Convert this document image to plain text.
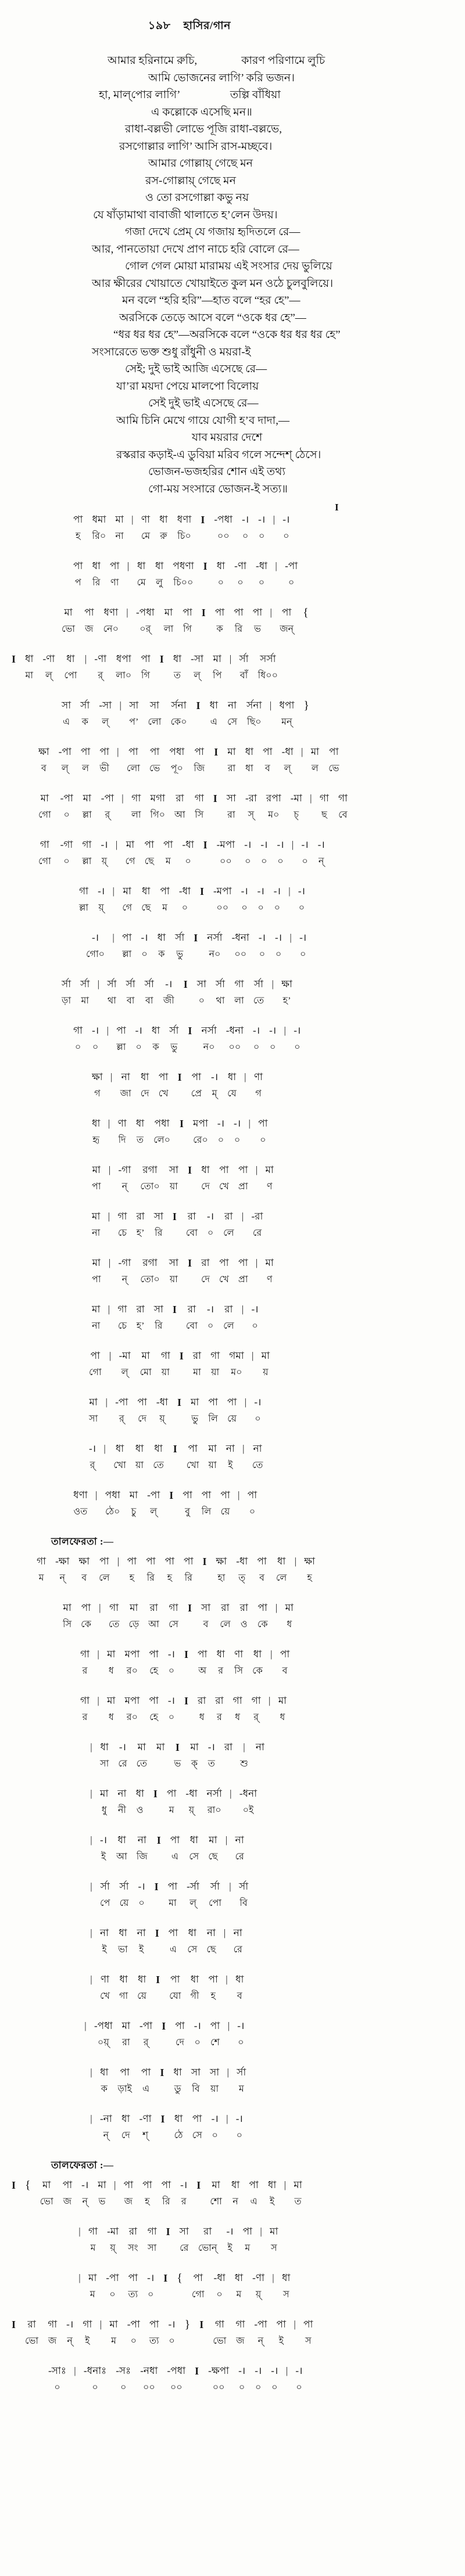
১৯৮ হাসির/গান
I
আমার হরিনামে রুচি,    কারণ পরিণামে লুচি
আমি ভোজনের লাগি’ করি ভজন।
হা, মাল্‌পোর লাগি’     তল্পি বাঁধিয়া
এ কল্লোকে এসেছি মন॥
রাধা-বল্লভী লোভে পূজি রাধা-বল্লভে,
রসগোল্লার লাগি’ আসি রাস-মচ্ছবে।
আমার গোল্লায়্ গেছে মন
রস-গোল্লায়্ গেছে মন
ও তো রসগোল্লা কভু নয়
যে ষাঁড়ামাথা বাবাজী থালাতে হ’লেন উদয়।
গজা দেখে প্রেম্ যে গজায় হৃদিতলে রে—
আর, পানতোয়া দেখে প্রাণ নাচে হরি বোলে রে—
গোল গেল মোয়া মারাময় এই সংসার দেয় ভুলিয়ে
আর ক্ষীরের খোয়াতে খোয়াইতে কুল মন ওঠে চুলবুলিয়ে।
মন বলে “হরি হরি”—হাত বলে “হর হে”—
অরসিকে তেড়ে আসে বলে “ওকে ধর হে”—
“ধর ধর ধর হে”—অরসিকে বলে “ওকে ধর ধর ধর হে”
সংসারেতে ভক্ত শুধু রাঁধুনী ও ময়রা-ই
সেই; দুই ভাই আজি এসেছে রে—
যা’রা ময়দা পেয়ে মালপো বিলোয়
সেই দুই ভাই এসেছে রে—
আমি চিনি মেখে গায়ে যোগী হ’ব দাদা,—
যাব ময়রার দেশে
রস্করার কড়াই-এ ডুবিয়া মরিব গলে সন্দেশ্ ঠেসে।
ভোজন-ভজহরির শোন এই তথ্য
গো-ময় সংসারে ভোজন-ই সত্য॥
পা
হ
ধমা
রি০
মা
না
|
ণা
মে
ধা
রু
ধণা
চি০
I
-পধা
০০
-।
০
-।
০
|
-।
০
পা
প
ধা
রি
পা
ণা
|
ধা
মে
ধা
লু
পধণা
চি০০
I
ধা
০
-ণা
০
-ধা
০
|
-পা
০
মা
ভো
পা
জ
ধণা
নে০
|
-পধা
০র্
মা
লা
পা
গি
I
পা
ক
পা
রি
পা
ভ
|
পা
জন্
{

I
ধা
মা
-ণা
ল্
ধা
পো
|
-ণা
র্
ধপা
লা০
পা
গি
I
ধা
ত
-সা
ল্
মা
পি
|
র্সা
বাঁ
সর্সা
ধি০০
সা
এ
র্সা
ক
-সা
ল্
|
সা
প’
সা
লো
র্সনা
কে০
I
ধা
এ
না
সে
র্সনা
ছি০
|
ধপা
মন্
}

ক্ষা
ব
-পা
ল্
পা
ল
পা
ভী
|
পা
লো
পা
ভে
পধা
পূ০
পা
জি
I
মা
রা
ধা
ধা
পা
ব
-ধা
ল্
|
মা
ল
পা
ভে
মা
গো
-পা
০
মা
ল্লা
-পা
র্
|
গা
লা
মগা
গি০
রা
আ
গা
সি
I
সা
রা
-রা
স্
রপা
ম০
-মা
চ্
|
গা
ছ
গা
বে
গা
গো
-গা
০
গা
ল্লা
-।
য়্
|
মা
গে
পা
ছে
পা
ম
-ধা
০
I
-মপা
০০
-।
০
-।
০
-।
০
|
-।
০
-।
ন্
গা
ল্লা
-।
য়্
|
মা
গে
ধা
ছে
পা
ম
-ধা
০
I
-মপা
০০
-।
০
-।
০
-।
০
|
-।
০
-।
গো০
|
পা
ল্লা
-।
০
ধা
ক
র্সা
ভু
I
নর্সা
ন০
-ধনা
০০
-।
০
-।
০
|
-।
০
র্সা
ড়া
র্সা
মা
|
র্সা
থা
র্সা
বা
র্সা
বা
-।
জী
I
সা
০
র্সা
থা
গা
লা
র্সা
তে
|
ক্ষা
হ’
গা
০
-।
০
|
পা
ল্লা
-।
০
ধা
ক
র্সা
ভু
I
নর্সা
ন০
-ধনা
০০
-।
০
-।
০
|
-।
০
ক্ষা
গ
|
না
জা
ধা
দে
পা
খে
I
পা
প্রে
-।
ম্
ধা
যে
|
ণা
গ
ধা
হৃ
|
ণা
দি
ধা
ত
পধা
লে০
I
মপা
রে০
-।
০
-।
০
|
পা
০
মা
পা
|
-গা
ন্
রগা
তো০
সা
য়া
I
ধা
দে
পা
খে
পা
প্রা
|
মা
ণ
মা
না
|
গা
চে
রা
হ’
সা
রি
I
রা
বো
-।
০
রা
লে
|
-রা
রে
মা
পা
|
-গা
ন্
রগা
তো০
সা
য়া
I
রা
দে
পা
খে
পা
প্রা
|
মা
ণ
মা
না
|
গা
চে
রা
হ’
সা
রি
I
রা
বো
-।
০
রা
লে
|
-।
০
পা
গো
|
-মা
ল্
মা
মো
গা
য়া
I
রা
মা
গা
য়া
গমা
ম০
|
মা
য়
মা
সা
|
-পা
র্
পা
দে
-ধা
য়্
I
মা
ভু
পা
লি
পা
য়ে
|
-।
০
-।
র্
|
ধা
খো
ধা
য়া
ধা
তে
I
পা
খো
মা
য়া
না
ই
|
না
তে
ধণা
ওত
|
পধা
ঠে০
মা
চু
-পা
ল্
I
পা
বু
পা
লি
পা
য়ে
|
পা
০
তালফেরতা :—
গা
ম
-ক্ষা
ন্
ক্ষা
ব
পা
লে
|
পা
হ
পা
রি
পা
হ
পা
রি
I
ক্ষা
হা
-ধা
ত্
পা
ব
ধা
লে
|
ক্ষা
হ
মা
সি
পা
কে
|
গা
তে
মা
ড়ে
রা
আ
গা
সে
I
সা
ব
রা
লে
রা
ও
পা
কে
|
মা
ধ
গা
র
|
মা
ধ
মপা
র০
পা
হে
-।
০
I
পা
অ
ধা
র
ণা
সি
ধা
কে
|
পা
ব
গা
র
|
মা
ধ
মপা
র০
পা
হে
-।
০
I
রা
ধ
রা
র
গা
ধ
গা
র্
|
মা
ধ
|
ধা
সা
-।
রে
মা
তে
মা
I
ভ
মা
ক্
-।
ত
রা
|
শু
না

|
মা
ধু
না
নী
ধা
ও
I
পা
ম
-ধা
য়্
নর্সা
রা০
|
-ধনা
০ই
|
-।
ই
ধা
আ
না
জি
I
পা
এ
ধা
সে
মা
ছে
|
না
রে
|
র্সা
পে
র্সা
য়ে
-।
০
I
পা
মা
-র্সা
ল্
র্সা
পো
|
র্সা
বি
|
না
ই
ধা
ভা
না
ই
I
পা
এ
ধা
সে
না
ছে
|
না
রে
|
ণা
খে
ধা
গা
ধা
য়ে
I
পা
যো
ধা
গী
পা
হ
|
ধা
ব
|
-পধা
০য়্
মা
রা
-পা
র্
I
পা
দে
-।
০
পা
শে
|
-।
০
|
ধা
ক
পা
ড়াই
পা
এ
I
ধা
ডু
সা
বি
সা
য়া
|
র্সা
ম
|
-না
ন্
ধা
দে
-ণা
শ্
I
ধা
ঠে
পা
সে
-।
০
|
-।
০
তালফেরতা :—
I
{
মা
ভো
পা
জ
-।
ন্
মা
ভ
|
পা
জ
পা
হ
পা
রি
-।
র
I
মা
শো
ধা
ন
পা
এ
ধা
ই
|
মা
ত
|
গা
ম
-মা
য়্
রা
সং
গা
সা
I
সা
রে
রা
ভোন্
-।
ই
পা
ম
|
মা
স
|
মা
ম
-পা
০
পা
ত্য
-।
০
I
{
পা
গো
-ধা
০
ধা
ম
-ণা
য়্
|
ধা
স
I
রা
ভো
গা
জ
-।
ন্
গা
ই
|
মা
ম
-পা
০
পা
ত্য
-।
০
}
I
গা
ভো
গা
জ
-পা
ন্
পা
ই
|
পা
স
-সাঃ
০
|
-ধনাঃ
০
-সঃ
০
-নধা
০০
-পধা
০০
I
-ক্ষপা
০০
-।
০
-।
০
-।
০
|
-।
০
